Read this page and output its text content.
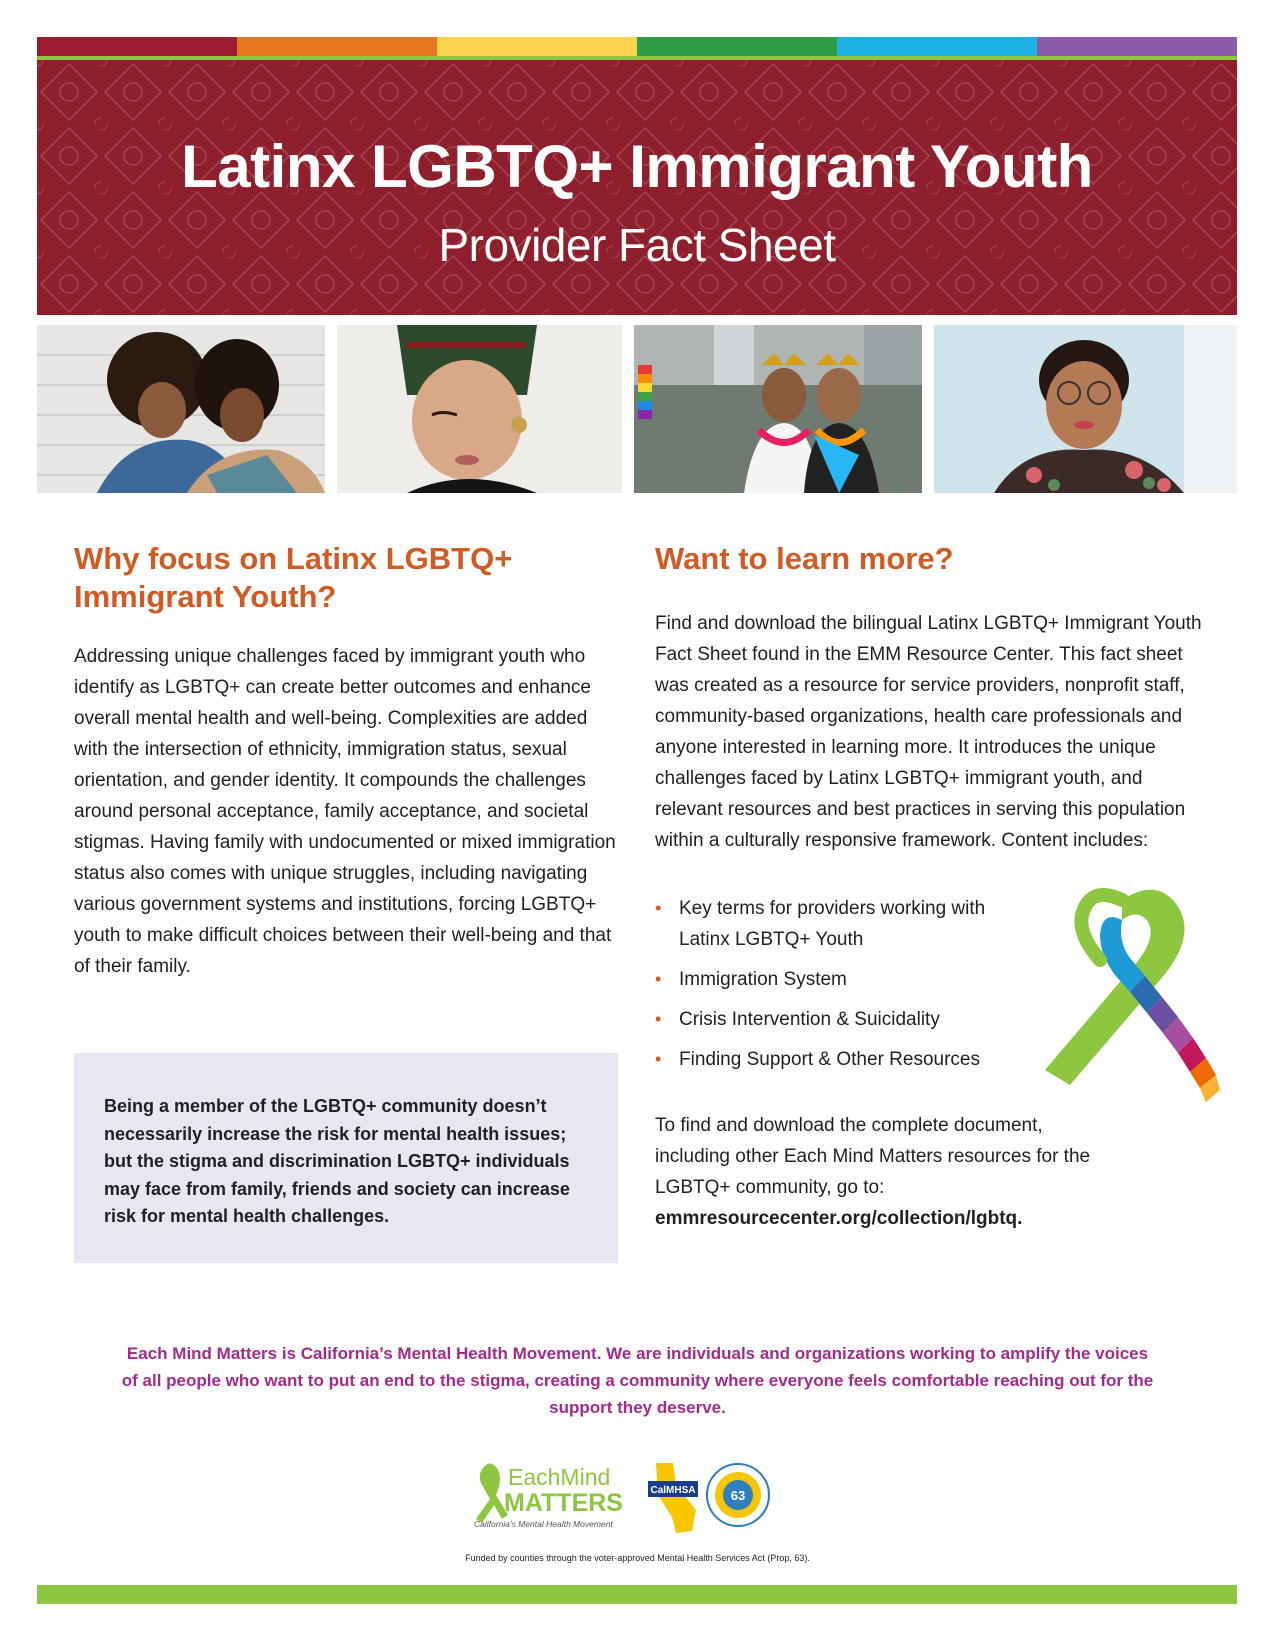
Latinx LGBTQ+ Immigrant Youth
Provider Fact Sheet
Why focus on Latinx LGBTQ+ Immigrant Youth?

Addressing unique challenges faced by immigrant youth who identify as LGBTQ+ can create better outcomes and enhance overall mental health and well-being. Complexities are added with the intersection of ethnicity, immigration status, sexual orientation, and gender identity. It compounds the challenges around personal acceptance, family acceptance, and societal stigmas. Having family with undocumented or mixed immigration status also comes with unique struggles, including navigating various government systems and institutions, forcing LGBTQ+ youth to make difficult choices between their well-being and that of their family.

Being a member of the LGBTQ+ community doesn’t necessarily increase the risk for mental health issues; but the stigma and discrimination LGBTQ+ individuals may face from family, friends and society can increase risk for mental health challenges.

Want to learn more?

Find and download the bilingual Latinx LGBTQ+ Immigrant Youth Fact Sheet found in the EMM Resource Center. This fact sheet was created as a resource for service providers, nonprofit staff, community-based organizations, health care professionals and anyone interested in learning more. It introduces the unique challenges faced by Latinx LGBTQ+ immigrant youth, and relevant resources and best practices in serving this population within a culturally responsive framework. Content includes:

• Key terms for providers working with Latinx LGBTQ+ Youth
• Immigration System
• Crisis Intervention & Suicidality
• Finding Support & Other Resources

To find and download the complete document, including other Each Mind Matters resources for the LGBTQ+ community, go to:

emmresourcecenter.org/collection/lgbtq.

Each Mind Matters is California’s Mental Health Movement. We are individuals and organizations working to amplify the voices of all people who want to put an end to the stigma, creating a community where everyone feels comfortable reaching out for the support they deserve.

EachMind
MATTERS
California’s Mental Health Movement
CalMHSA	63

Funded by counties through the voter-approved Mental Health Services Act (Prop. 63).
